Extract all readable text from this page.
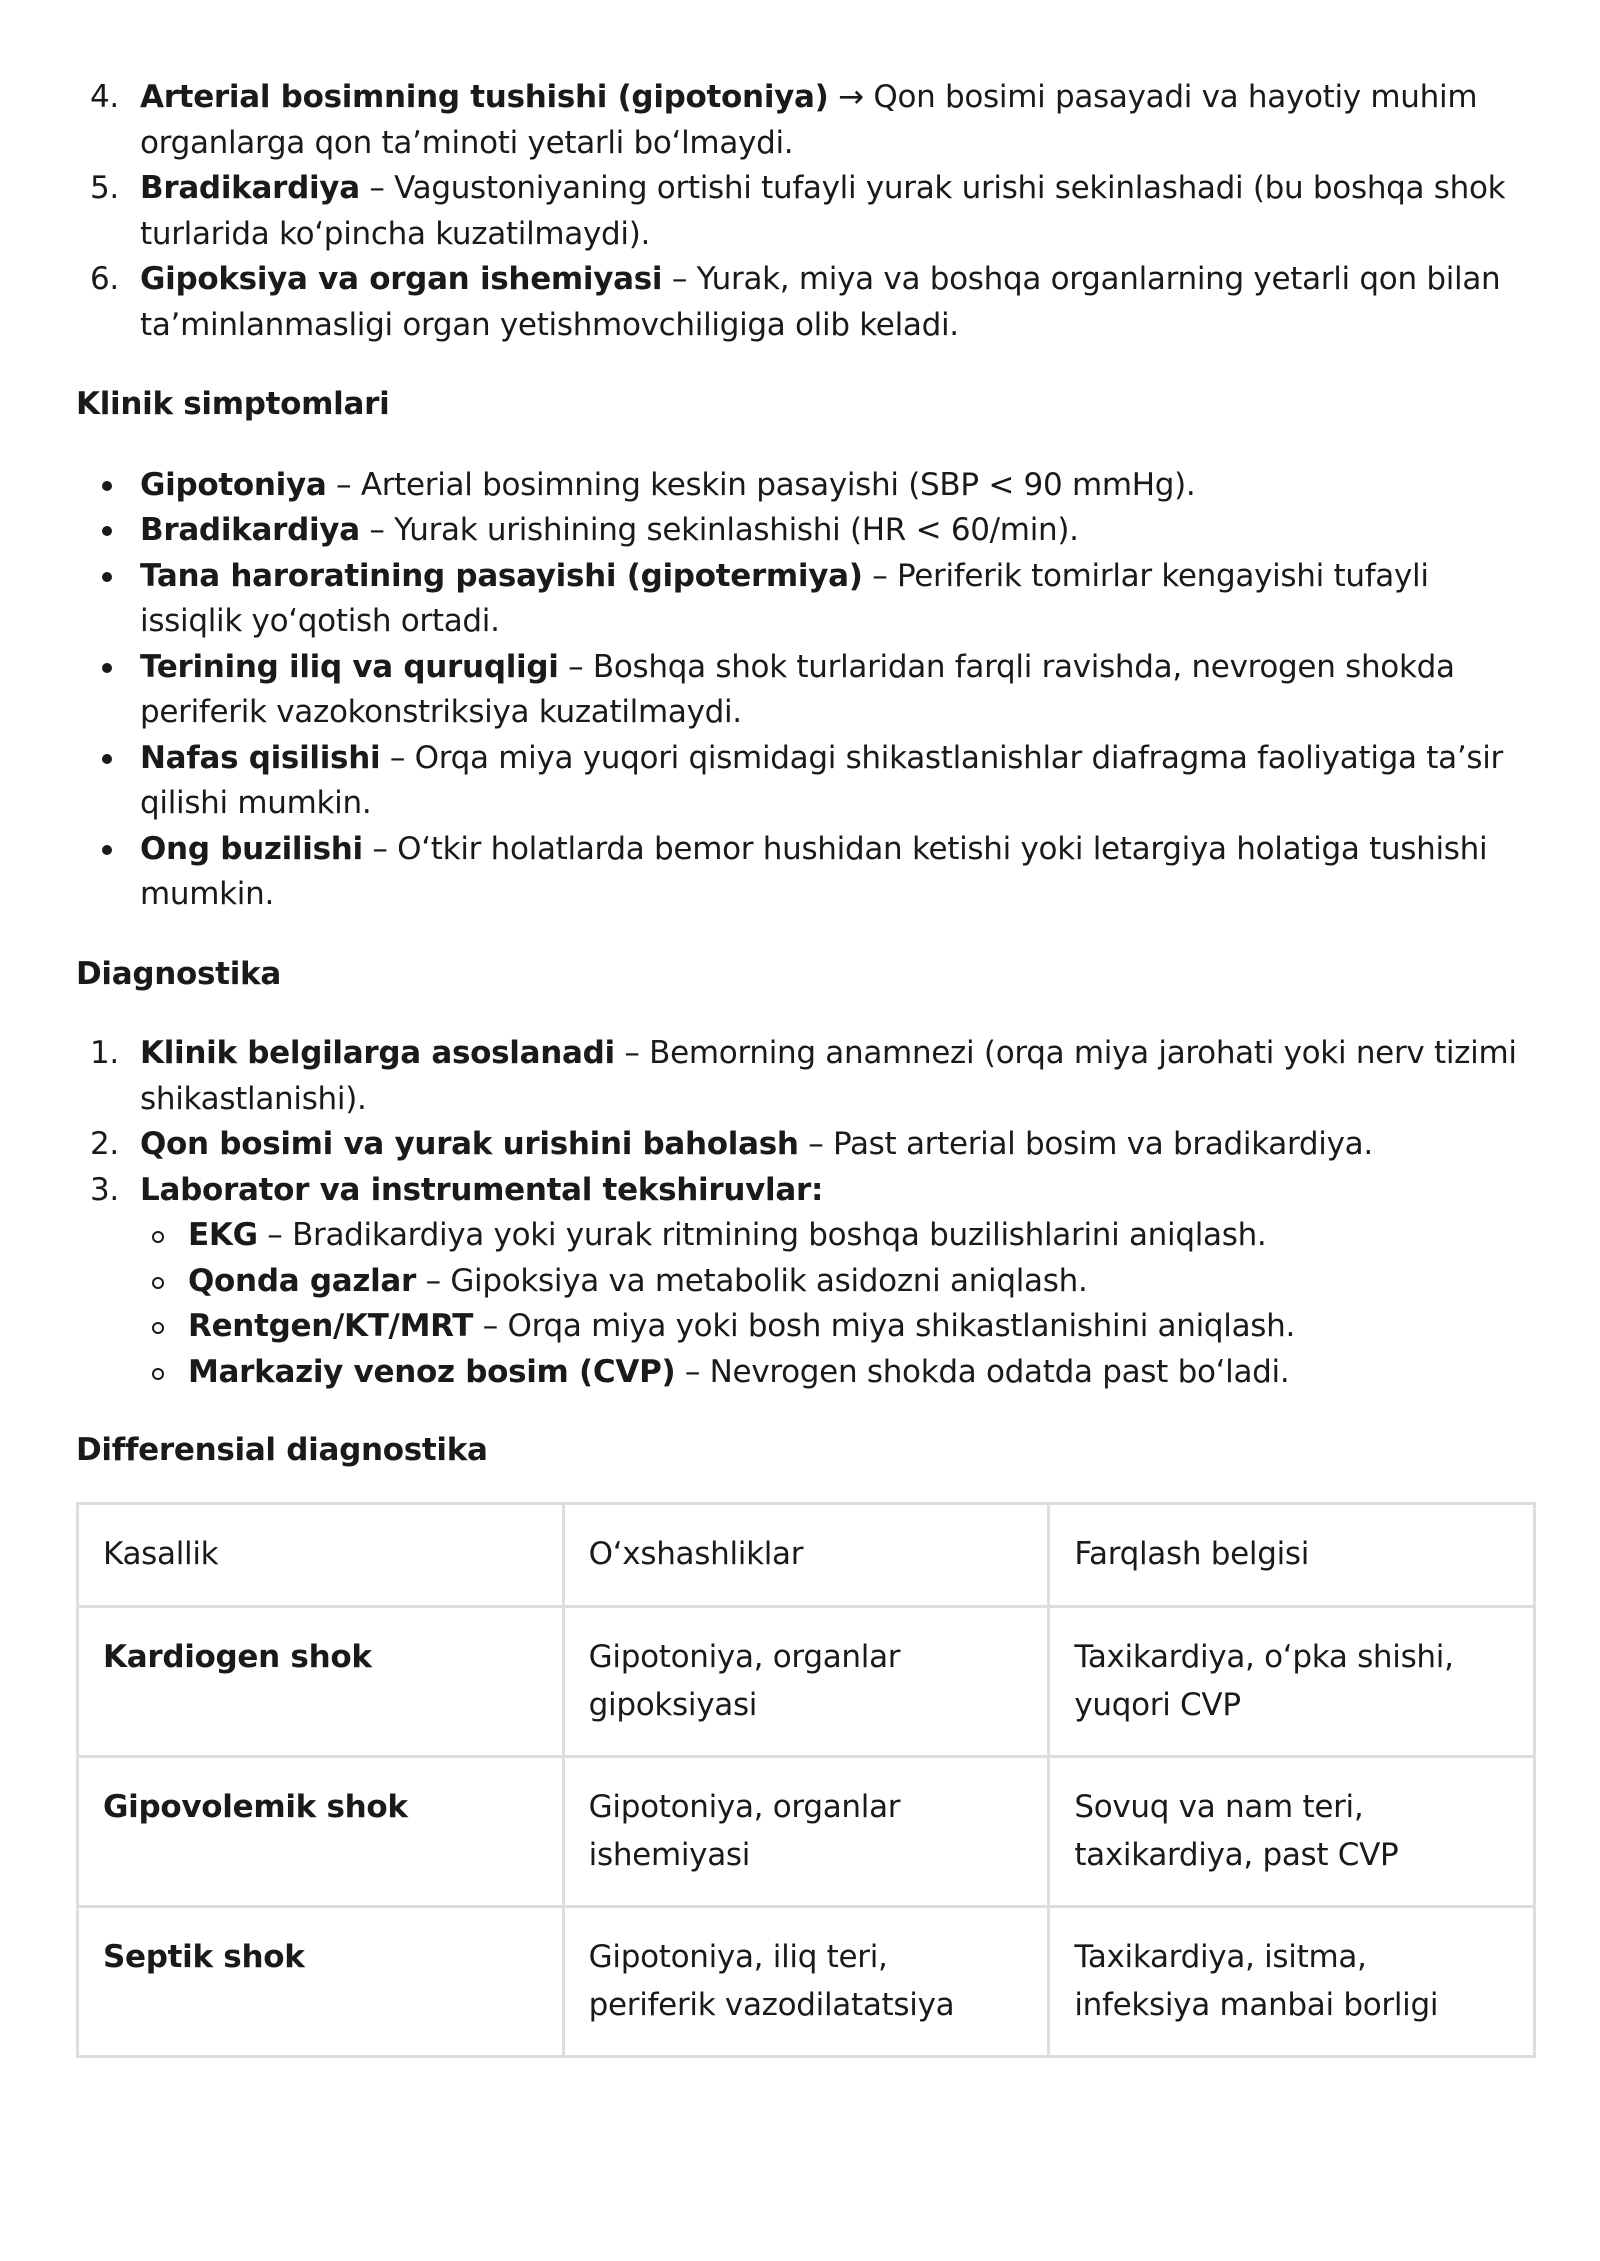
4. Arterial bosimning tushishi (gipotoniya) → Qon bosimi pasayadi va hayotiy muhim organlarga qon taʼminoti yetarli boʻlmaydi.
5. Bradikardiya – Vagustoniyaning ortishi tufayli yurak urishi sekinlashadi (bu boshqa shok turlarida koʻpincha kuzatilmaydi).
6. Gipoksiya va organ ishemiyasi – Yurak, miya va boshqa organlarning yetarli qon bilan taʼminlanmasligi organ yetishmovchiligiga olib keladi.
Klinik simptomlari
Gipotoniya – Arterial bosimning keskin pasayishi (SBP < 90 mmHg).
Bradikardiya – Yurak urishining sekinlashishi (HR < 60/min).
Tana haroratining pasayishi (gipotermiya) – Periferik tomirlar kengayishi tufayli issiqlik yoʻqotish ortadi.
Terining iliq va quruqligi – Boshqa shok turlaridan farqli ravishda, nevrogen shokda periferik vazokonstriksiya kuzatilmaydi.
Nafas qisilishi – Orqa miya yuqori qismidagi shikastlanishlar diafragma faoliyatiga taʼsir qilishi mumkin.
Ong buzilishi – Oʻtkir holatlarda bemor hushidan ketishi yoki letargiya holatiga tushishi mumkin.
Diagnostika
1. Klinik belgilarga asoslanadi – Bemorning anamnezi (orqa miya jarohati yoki nerv tizimi shikastlanishi).
2. Qon bosimi va yurak urishini baholash – Past arterial bosim va bradikardiya.
3. Laborator va instrumental tekshiruvlar:
EKG – Bradikardiya yoki yurak ritmining boshqa buzilishlarini aniqlash.
Qonda gazlar – Gipoksiya va metabolik asidozni aniqlash.
Rentgen/KT/MRT – Orqa miya yoki bosh miya shikastlanishini aniqlash.
Markaziy venoz bosim (CVP) – Nevrogen shokda odatda past boʻladi.
Differensial diagnostika
Kasallik	Oʻxshashliklar	Farqlash belgisi
Kardiogen shok	Gipotoniya, organlar gipoksiyasi	Taxikardiya, oʻpka shishi, yuqori CVP
Gipovolemik shok	Gipotoniya, organlar ishemiyasi	Sovuq va nam teri, taxikardiya, past CVP
Septik shok	Gipotoniya, iliq teri, periferik vazodilatatsiya	Taxikardiya, isitma, infeksiya manbai borligi
